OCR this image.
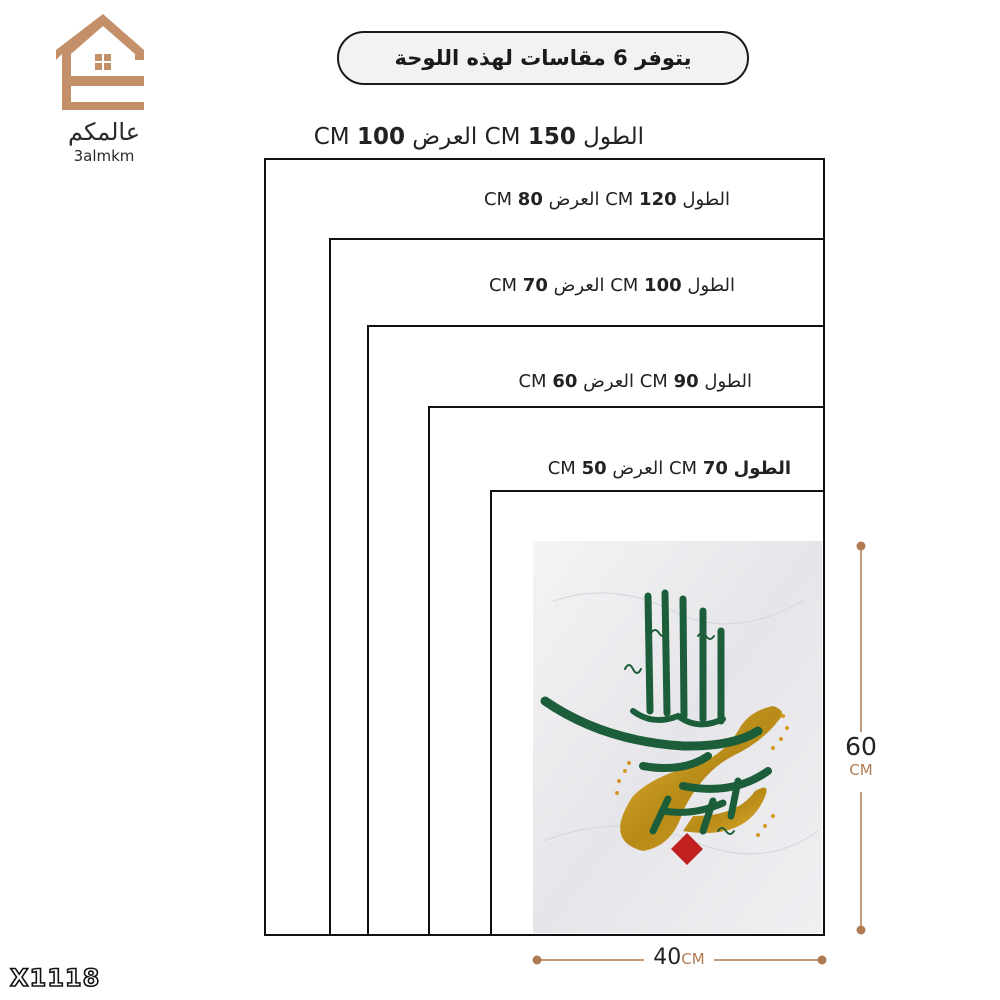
يتوفر 6 مقاسات لهذه اللوحة
عالمكم
3almkm
الطول 150 CM العرض 100 CM
الطول 120 CM العرض 80 CM
الطول 100 CM العرض 70 CM
الطول 90 CM العرض 60 CM
الطول 70 CM العرض 50 CM
60
CM
40CM
X1118
